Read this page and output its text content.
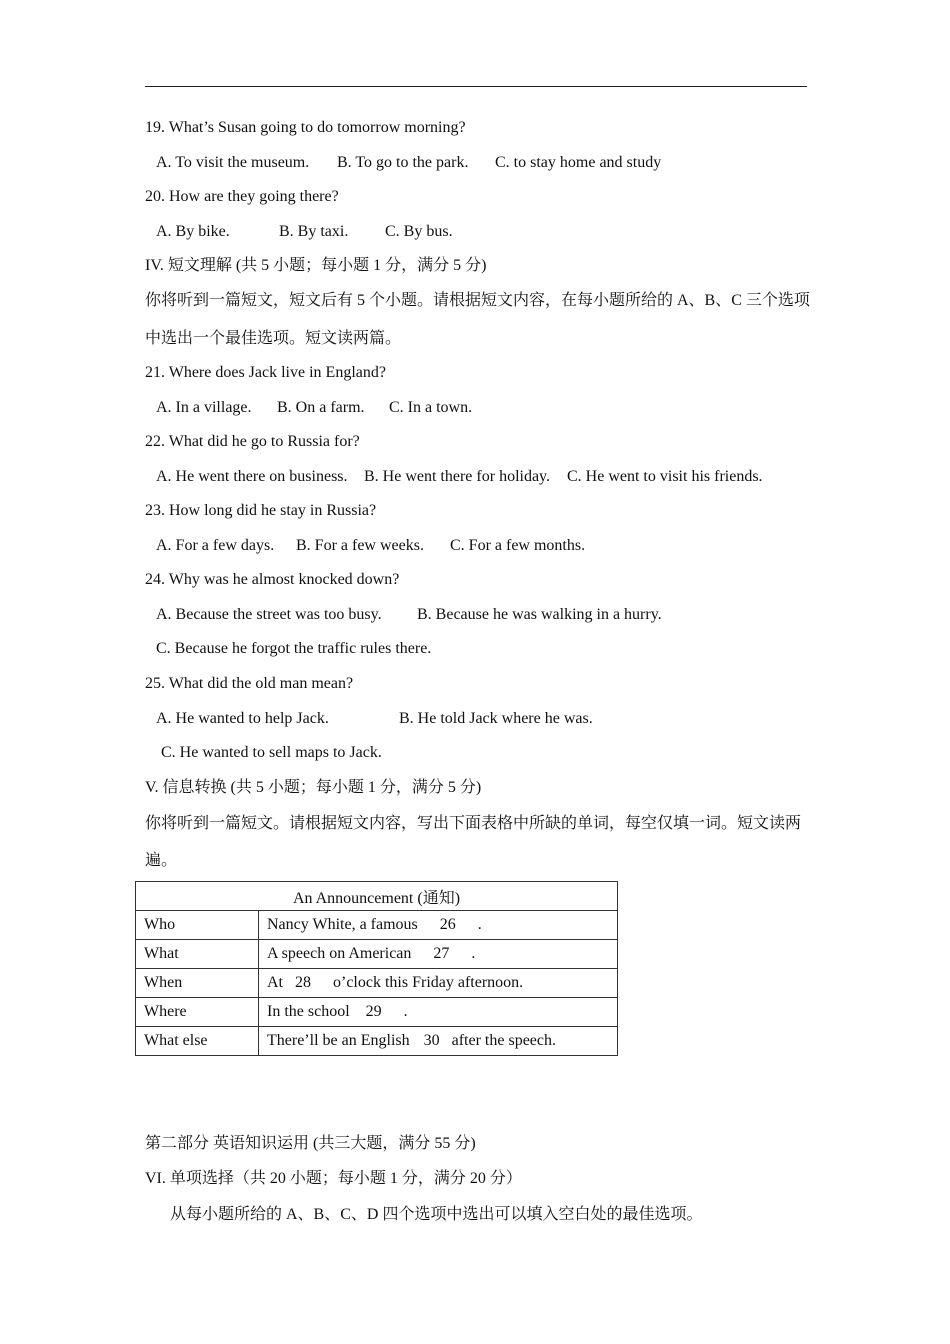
19. What’s Susan going to do tomorrow morning?
A. To visit the museum. B. To go to the park. C. to stay home and study
20. How are they going there?
A. By bike.	B. By taxi. C. By bus.
IV. 短文理解 (共 5 小题；每小题 1 分，满分 5 分)
你将听到一篇短文，短文后有 5 个小题。请根据短文内容，在每小题所给的 A、B、C 三个选项
中选出一个最佳选项。短文读两篇。
21. Where does Jack live in England?
A. In a village. B. On a farm. C. In a town.
22. What did he go to Russia for?
A. He went there on business. B. He went there for holiday. C. He went to visit his friends.
23. How long did he stay in Russia?
A. For a few days. B. For a few weeks. C. For a few months.
24. Why was he almost knocked down?
A. Because the street was too busy. B. Because he was walking in a hurry.
C. Because he forgot the traffic rules there.
25. What did the old man mean?
A. He wanted to help Jack.	B. He told Jack where he was.
C. He wanted to sell maps to Jack.
V. 信息转换 (共 5 小题；每小题 1 分，满分 5 分)
你将听到一篇短文。请根据短文内容，写出下面表格中所缺的单词，每空仅填一词。短文读两
遍。
An Announcement (通知)	
Who	Nancy White, a famous 26 .
What	A speech on American 27 .
When	At 28 o’clock this Friday afternoon.
Where	In the school 29 .
What else	There’ll be an English 30 after the speech.
第二部分 英语知识运用 (共三大题，满分 55 分)
VI. 单项选择（共 20 小题；每小题 1 分，满分 20 分）
从每小题所给的 A、B、C、D 四个选项中选出可以填入空白处的最佳选项。
